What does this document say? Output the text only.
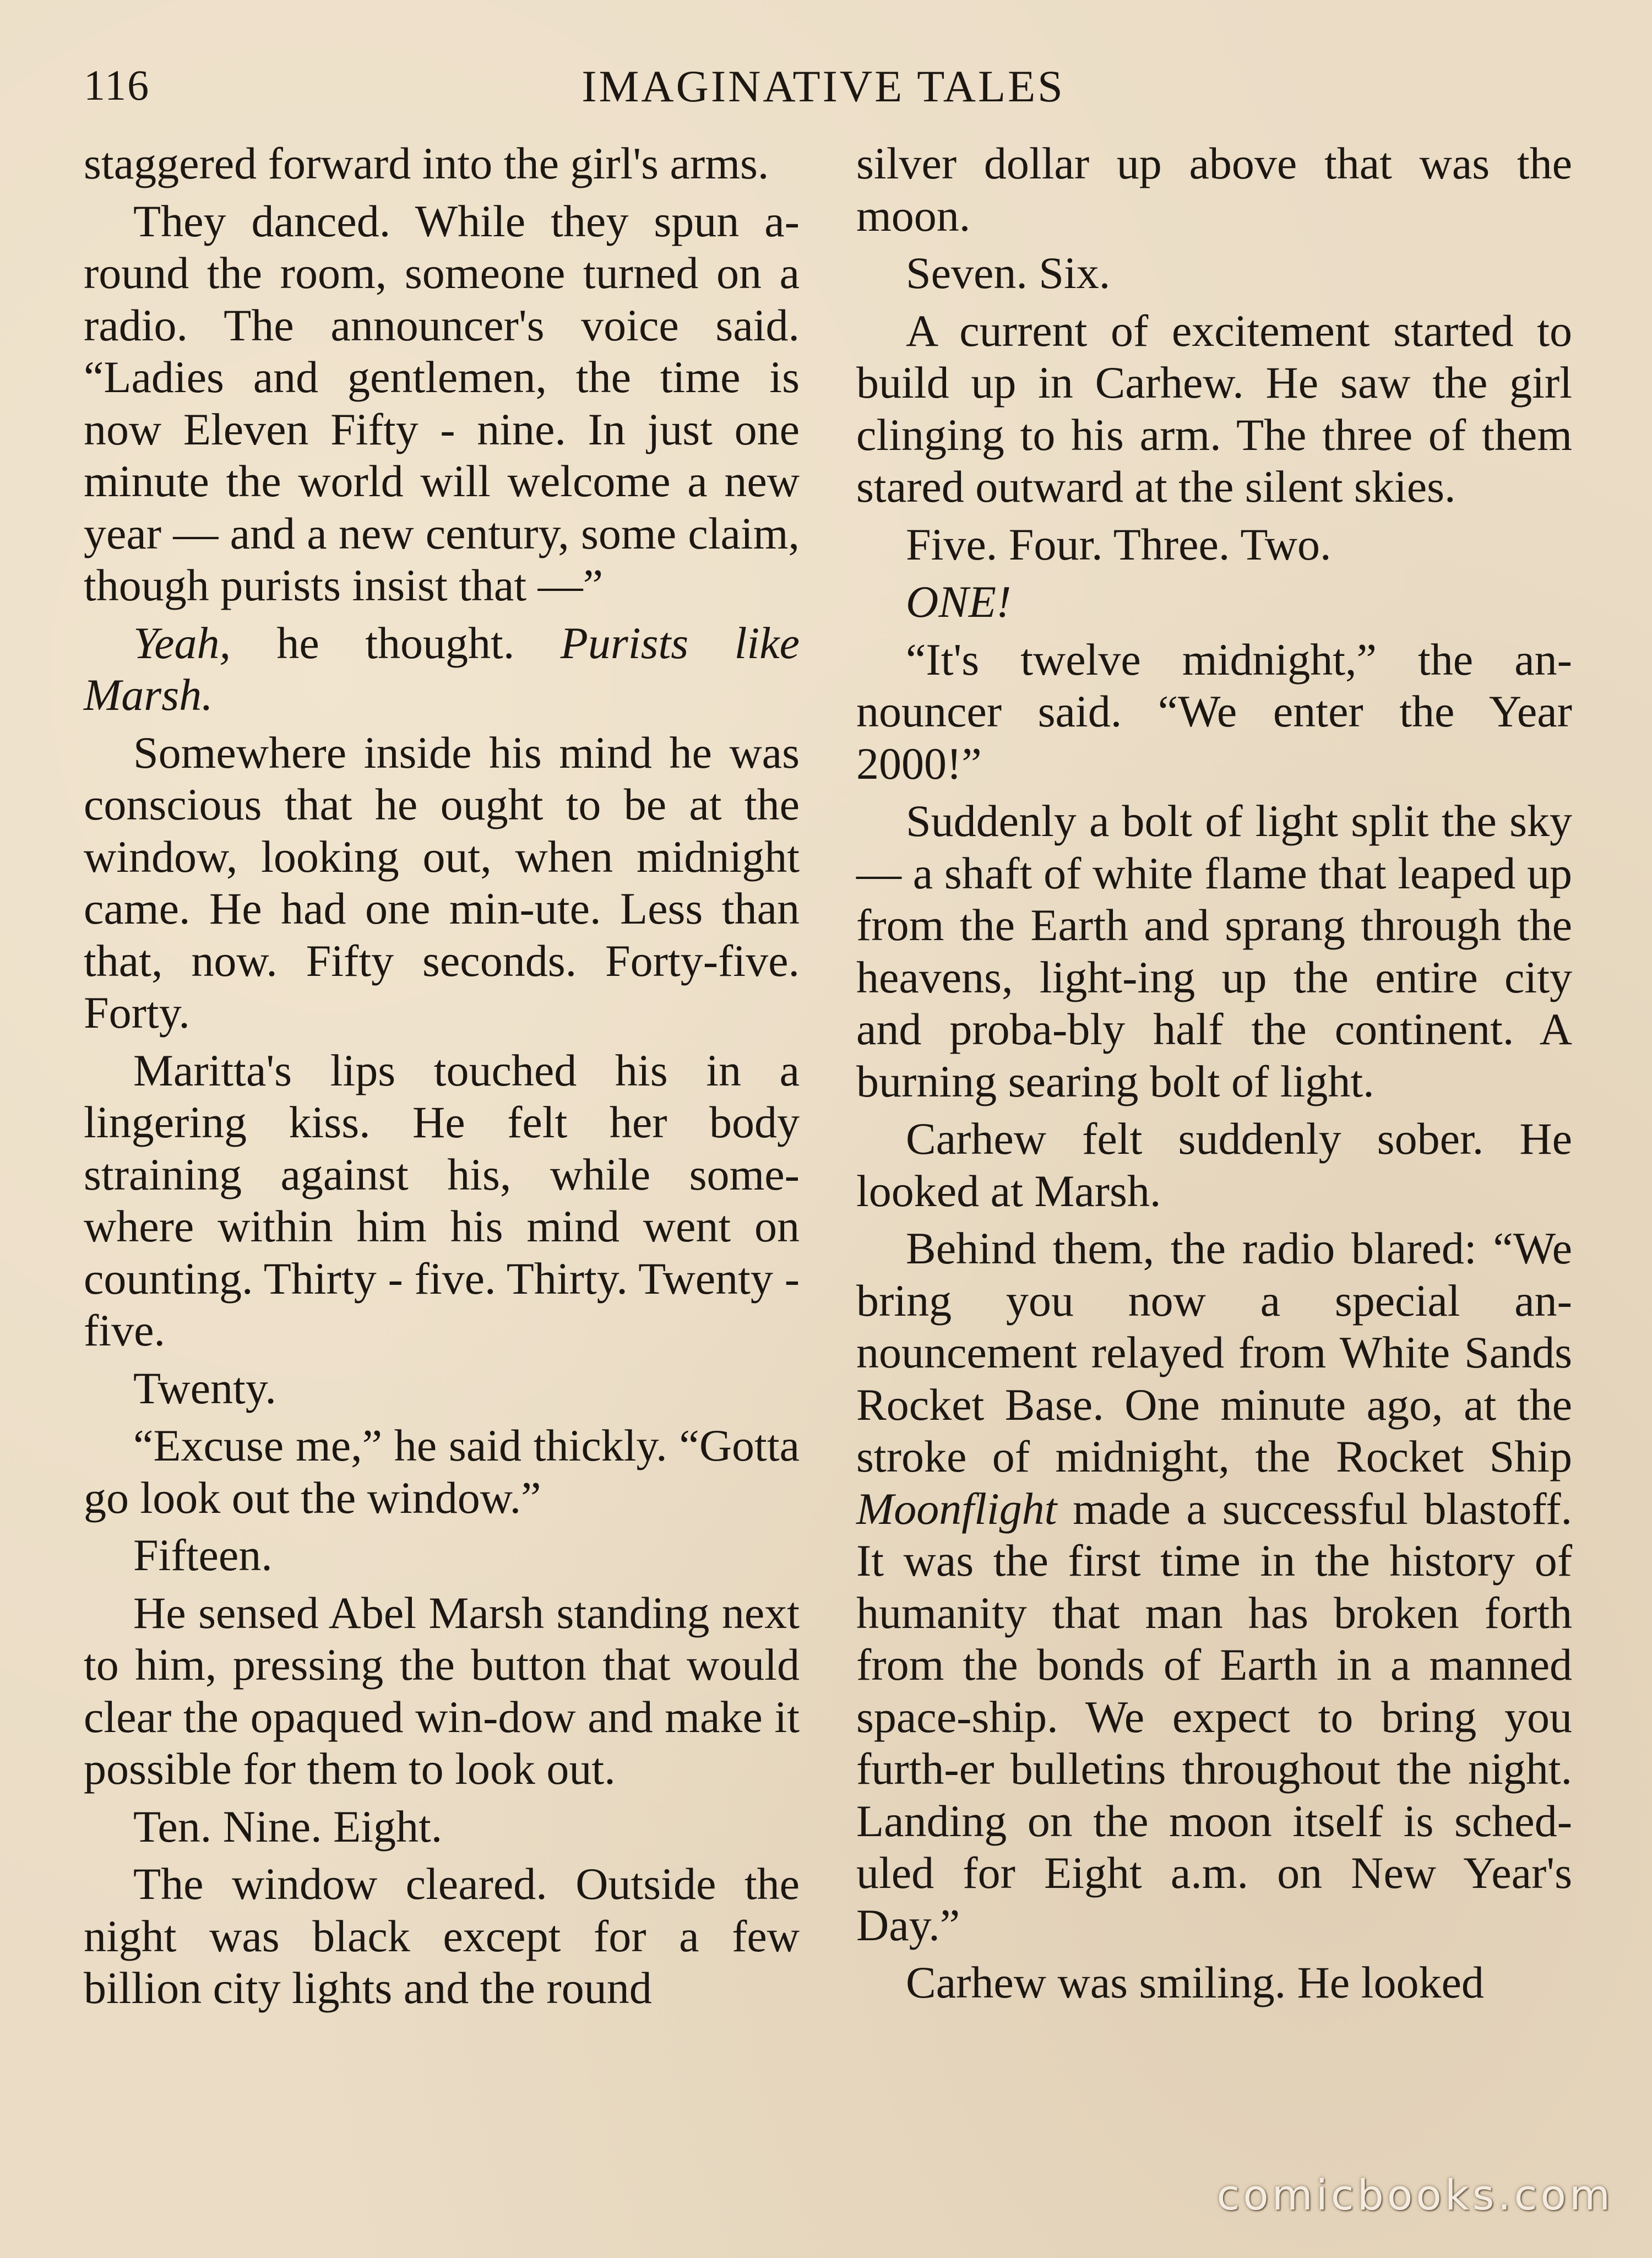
116	IMAGINATIVE TALES

staggered forward into the girl's arms.

They danced. While they spun a-round the room, someone turned on a radio. The announcer's voice said. “Ladies and gentlemen, the time is now Eleven Fifty - nine. In just one minute the world will welcome a new year — and a new century, some claim, though purists insist that —”

Yeah, he thought. Purists like Marsh.

Somewhere inside his mind he was conscious that he ought to be at the window, looking out, when midnight came. He had one min-ute. Less than that, now. Fifty seconds. Forty-five. Forty.

Maritta's lips touched his in a lingering kiss. He felt her body straining against his, while some-where within him his mind went on counting. Thirty - five. Thirty. Twenty - five.

Twenty.

“Excuse me,” he said thickly. “Gotta go look out the window.”

Fifteen.

He sensed Abel Marsh standing next to him, pressing the button that would clear the opaqued win-dow and make it possible for them to look out.

Ten. Nine. Eight.

The window cleared. Outside the night was black except for a few billion city lights and the round

silver dollar up above that was the moon.

Seven. Six.

A current of excitement started to build up in Carhew. He saw the girl clinging to his arm. The three of them stared outward at the silent skies.

Five. Four. Three. Two.

ONE!

“It's twelve midnight,” the an-nouncer said. “We enter the Year 2000!”

Suddenly a bolt of light split the sky — a shaft of white flame that leaped up from the Earth and sprang through the heavens, light-ing up the entire city and proba-bly half the continent. A burning searing bolt of light.

Carhew felt suddenly sober. He looked at Marsh.

Behind them, the radio blared: “We bring you now a special an-nouncement relayed from White Sands Rocket Base. One minute ago, at the stroke of midnight, the Rocket Ship Moonflight made a successful blastoff. It was the first time in the history of humanity that man has broken forth from the bonds of Earth in a manned space-ship. We expect to bring you furth-er bulletins throughout the night. Landing on the moon itself is sched-uled for Eight a.m. on New Year's Day.”

Carhew was smiling. He looked

comicbooks.com
